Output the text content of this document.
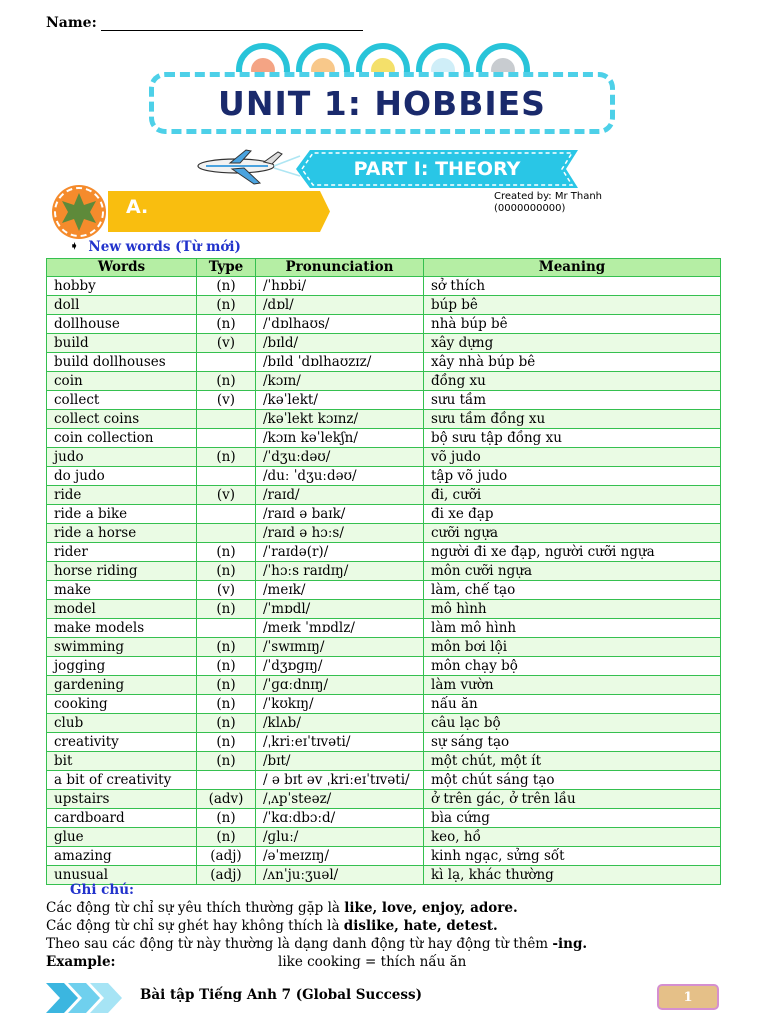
Name:
UNIT 1: HOBBIES
PART I: THEORY
Created by: Mr Thanh (0000000000)
A.
➧ New words (Từ mới)
Words	Type	Pronunciation	Meaning
hobby	(n)	/ˈhɒbi/	sở thích
doll	(n)	/dɒl/	búp bê
dollhouse	(n)	/ˈdɒlhaʊs/	nhà búp bê
build	(v)	/bɪld/	xây dựng
build dollhouses		/bɪld ˈdɒlhaʊzɪz/	xây nhà búp bê
coin	(n)	/kɔɪn/	đồng xu
collect	(v)	/kəˈlekt/	sưu tầm
collect coins		/kəˈlekt kɔɪnz/	sưu tầm đồng xu
coin collection		/kɔɪn kəˈlekʃn/	bộ sưu tập đồng xu
judo	(n)	/ˈdʒuːdəʊ/	võ judo
do judo		/duː ˈdʒuːdəʊ/	tập võ judo
ride	(v)	/raɪd/	đi, cưỡi
ride a bike		/raɪd ə baɪk/	đi xe đạp
ride a horse		/raɪd ə hɔːs/	cưỡi ngựa
rider	(n)	/ˈraɪdə(r)/	người đi xe đạp, người cưỡi ngựa
horse riding	(n)	/ˈhɔːs raɪdɪŋ/	môn cưỡi ngựa
make	(v)	/meɪk/	làm, chế tạo
model	(n)	/ˈmɒdl/	mô hình
make models		/meɪk ˈmɒdlz/	làm mô hình
swimming	(n)	/ˈswɪmɪŋ/	môn bơi lội
jogging	(n)	/ˈdʒɒɡɪŋ/	môn chạy bộ
gardening	(n)	/ˈɡɑːdnɪŋ/	làm vườn
cooking	(n)	/ˈkʊkɪŋ/	nấu ăn
club	(n)	/klʌb/	câu lạc bộ
creativity	(n)	/ˌkriːeɪˈtɪvəti/	sự sáng tạo
bit	(n)	/bɪt/	một chút, một ít
a bit of creativity		/ ə bɪt əv ˌkriːeɪˈtɪvəti/	một chút sáng tạo
upstairs	(adv)	/ˌʌpˈsteəz/	ở trên gác, ở trên lầu
cardboard	(n)	/ˈkɑːdbɔːd/	bìa cứng
glue	(n)	/ɡluː/	keo, hồ
amazing	(adj)	/əˈmeɪzɪŋ/	kinh ngạc, sửng sốt
unusual	(adj)	/ʌnˈjuːʒuəl/	kì lạ, khác thường
Ghi chú:
Các động từ chỉ sự yêu thích thường gặp là like, love, enjoy, adore.
Các động từ chỉ sự ghét hay không thích là dislike, hate, detest.
Theo sau các động từ này thường là dạng danh động từ hay động từ thêm -ing.
Example:	like cooking = thích nấu ăn
Bài tập Tiếng Anh 7 (Global Success)	1
